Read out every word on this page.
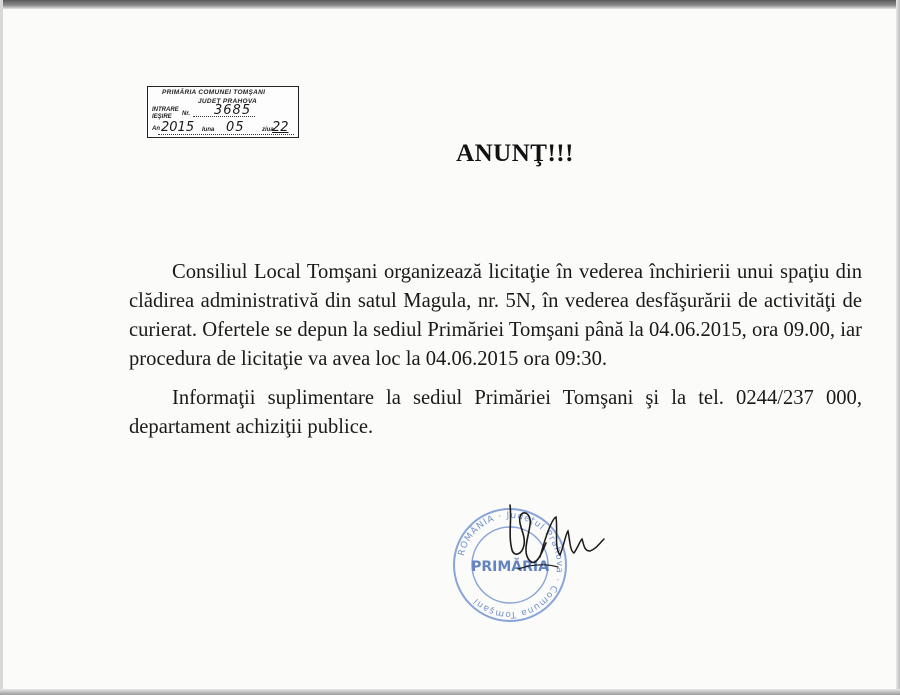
PRIMĂRIA COMUNEI TOMŞANI
JUDEŢ PRAHOVA
INTRARE
IEŞIRE Nr. 3685
An 2015 luna 05	ziua
22
ANUNŢ!!!

Consiliul Local Tomşani organizează licitaţie în vederea închirierii unui spaţiu din clădirea administrativă din satul Magula, nr. 5N, în vederea desfăşurării de activităţi de curierat. Ofertele se depun la sediul Primăriei Tomşani până la 04.06.2015, ora 09.00, iar procedura de licitaţie va avea loc la 04.06.2015 ora 09:30.

Informaţii suplimentare la sediul Primăriei Tomşani şi la tel. 0244/237 000, departament achiziţii publice.

ROMÂNIA · Judeţul Prahova · Comuna Tomşani
PRIMĂRIA
